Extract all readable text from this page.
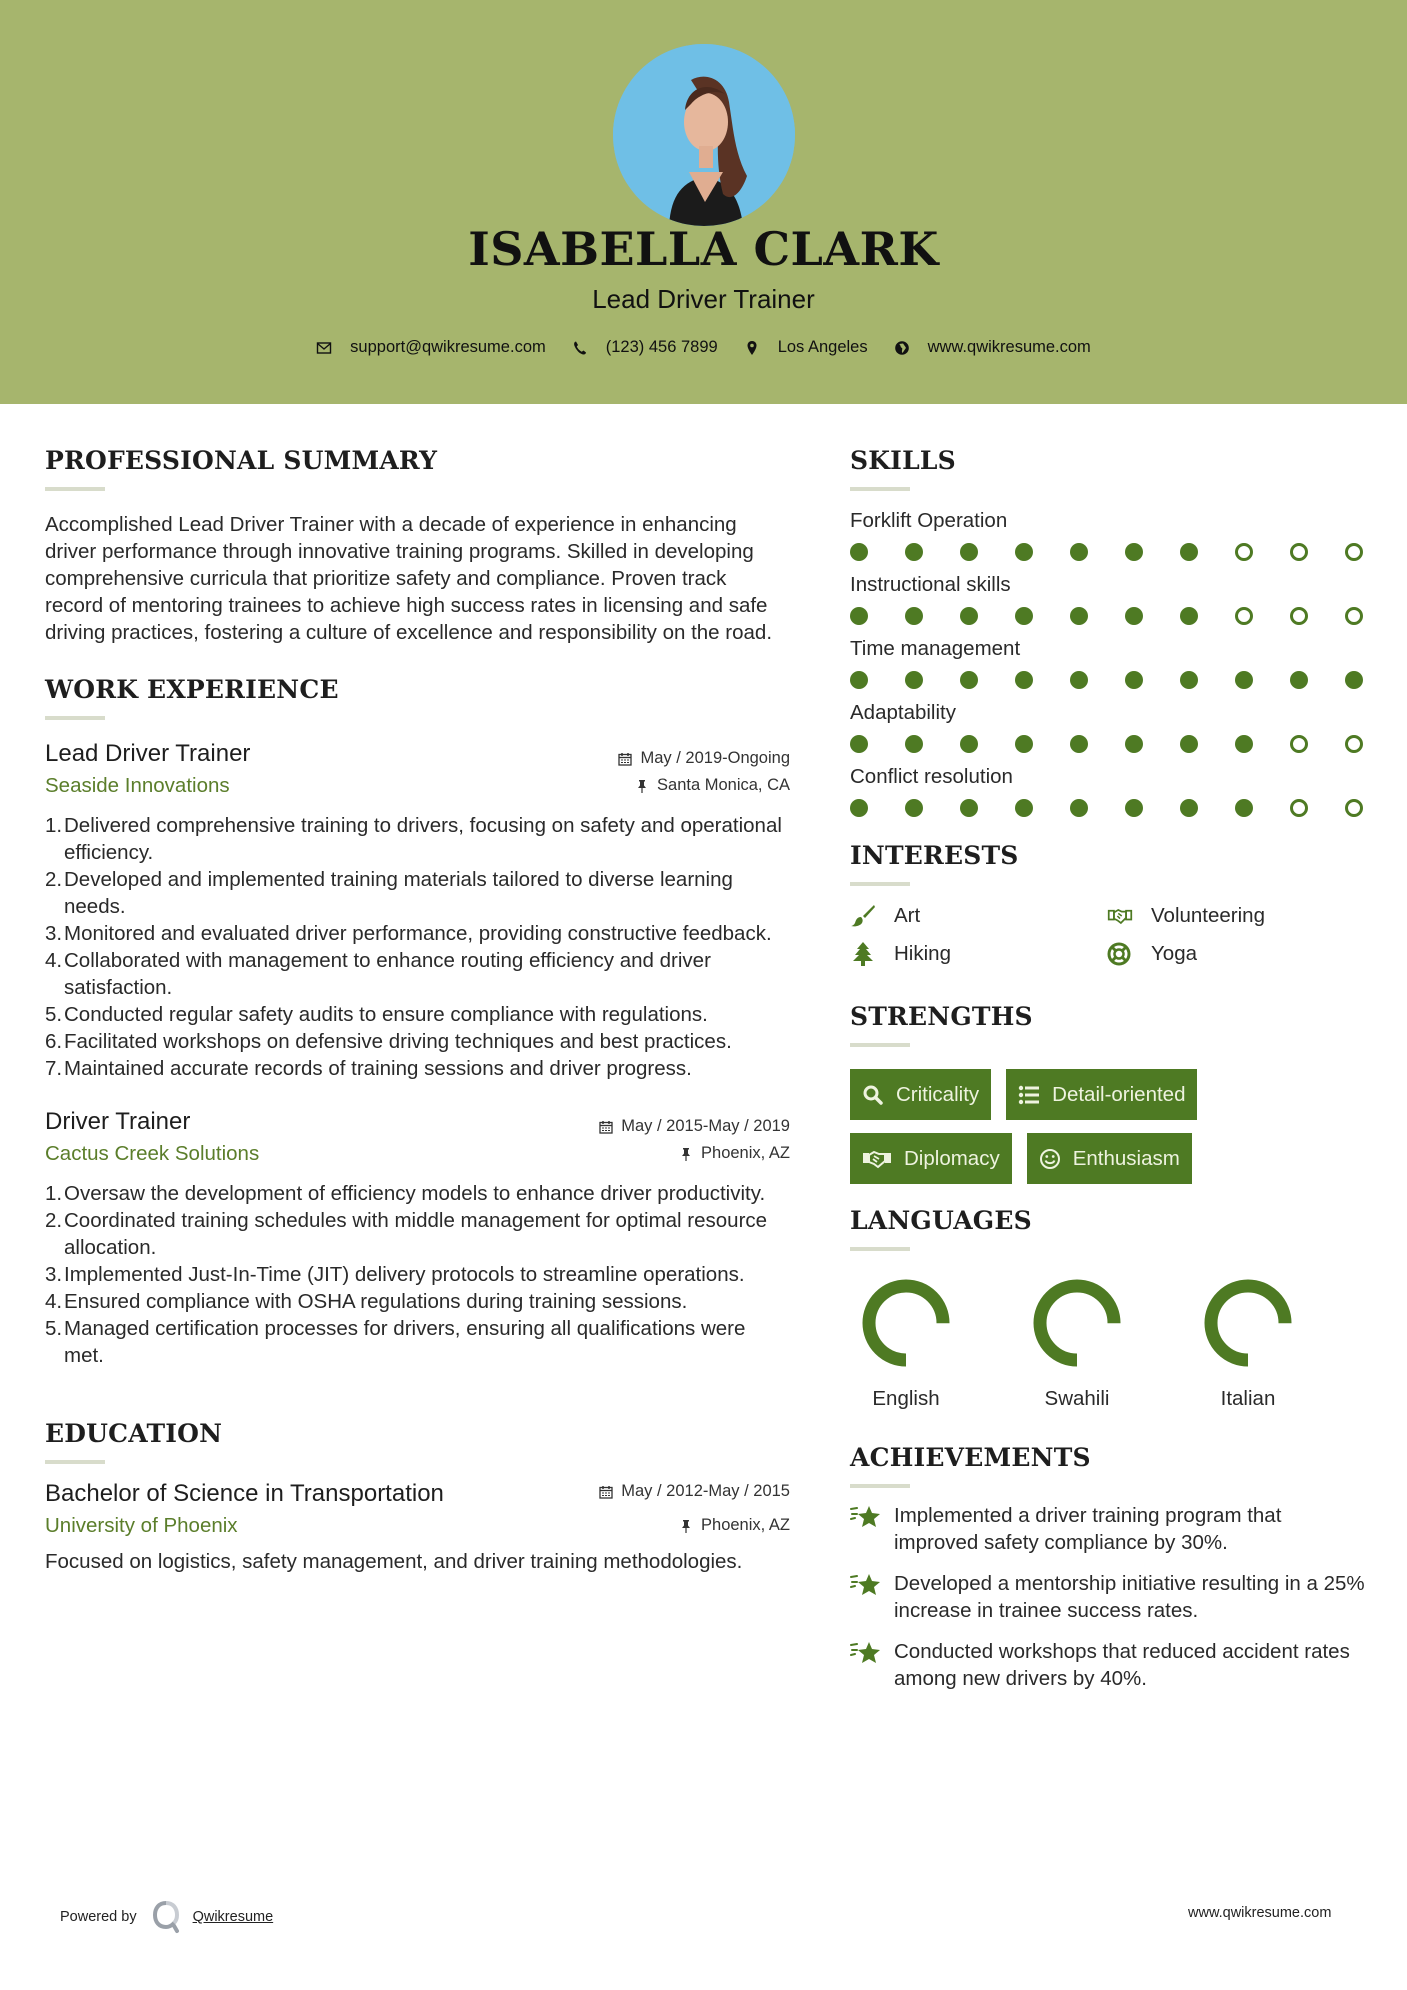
ISABELLA CLARK
Lead Driver Trainer
support@qwikresume.com	(123) 456 7899	Los Angeles	www.qwikresume.com
PROFESSIONAL SUMMARY

Accomplished Lead Driver Trainer with a decade of experience in enhancing driver performance through innovative training programs. Skilled in developing comprehensive curricula that prioritize safety and compliance. Proven track record of mentoring trainees to achieve high success rates in licensing and safe driving practices, fostering a culture of excellence and responsibility on the road.

WORK EXPERIENCE
Lead Driver Trainer	May / 2019-Ongoing
Seaside Innovations	Santa Monica, CA
1. Delivered comprehensive training to drivers, focusing on safety and operational efficiency.
2. Developed and implemented training materials tailored to diverse learning needs.
3. Monitored and evaluated driver performance, providing constructive feedback.
4. Collaborated with management to enhance routing efficiency and driver satisfaction.
5. Conducted regular safety audits to ensure compliance with regulations.
6. Facilitated workshops on defensive driving techniques and best practices.
7. Maintained accurate records of training sessions and driver progress.
Driver Trainer	May / 2015-May / 2019
Cactus Creek Solutions	Phoenix, AZ
1. Oversaw the development of efficiency models to enhance driver productivity.
2. Coordinated training schedules with middle management for optimal resource allocation.
3. Implemented Just-In-Time (JIT) delivery protocols to streamline operations.
4. Ensured compliance with OSHA regulations during training sessions.
5. Managed certification processes for drivers, ensuring all qualifications were met.
EDUCATION
Bachelor of Science in Transportation	May / 2012-May / 2015
University of Phoenix	Phoenix, AZ

Focused on logistics, safety management, and driver training methodologies.

SKILLS
Forklift Operation
Instructional skills
Time management
Adaptability
Conflict resolution
INTERESTS
Art	Volunteering
Hiking	Yoga
STRENGTHS
Criticality	Detail-oriented
Diplomacy	Enthusiasm
LANGUAGES
English	Swahili	Italian
ACHIEVEMENTS
Implemented a driver training program that improved safety compliance by 30%.
Developed a mentorship initiative resulting in a 25% increase in trainee success rates.
Conducted workshops that reduced accident rates among new drivers by 40%.
Powered by	Qwikresume	www.qwikresume.com
